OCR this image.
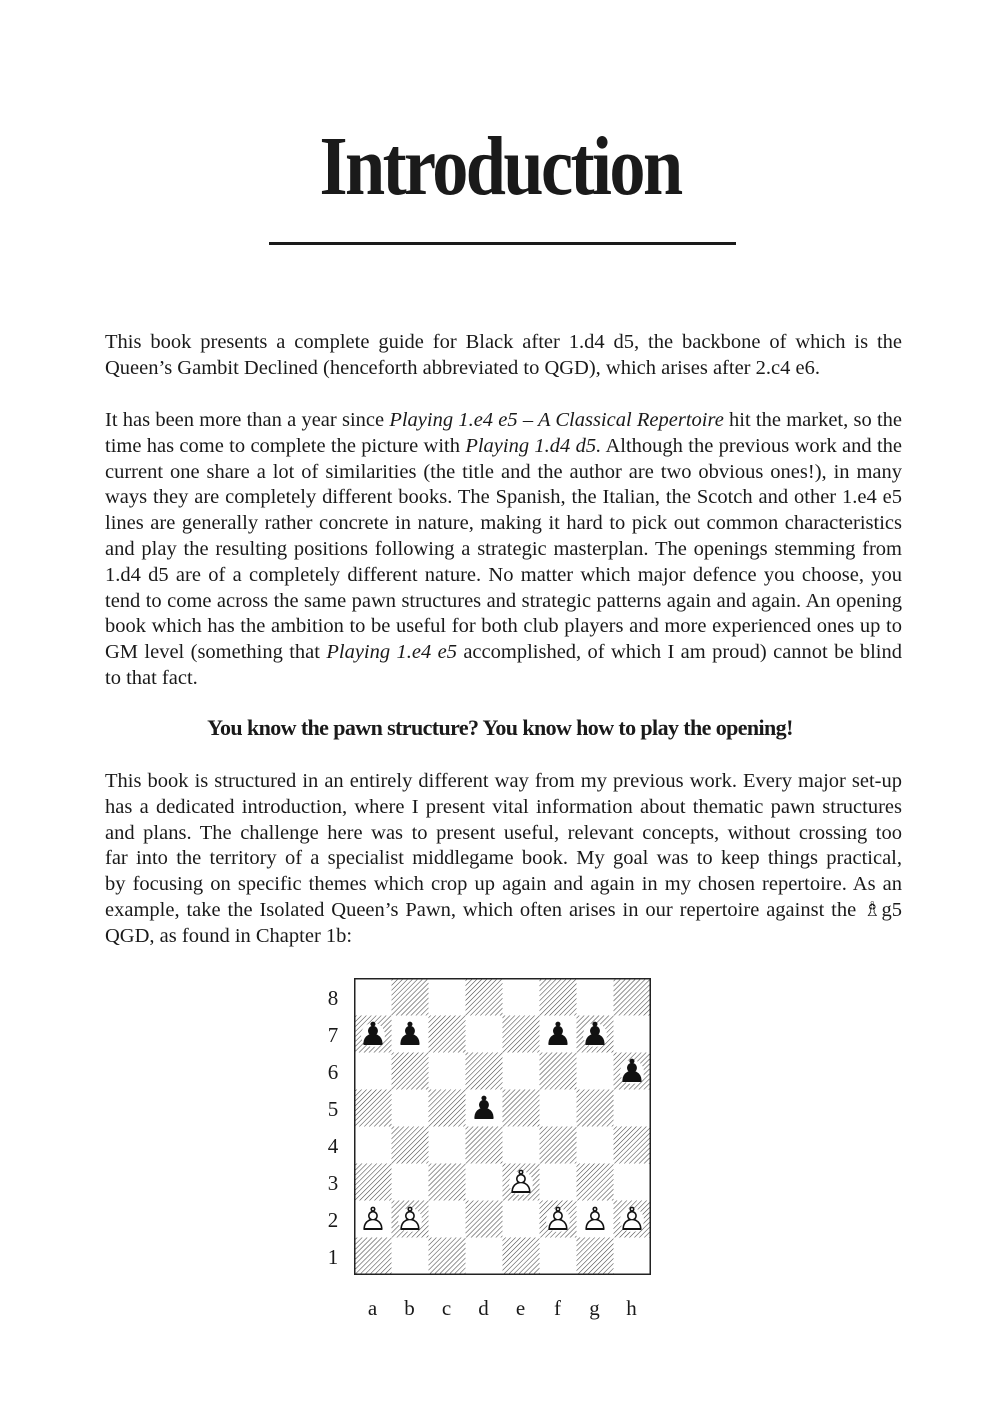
Introduction

This book presents a complete guide for Black after 1.d4 d5, the backbone of which is the
Queen’s Gambit Declined (henceforth abbreviated to QGD), which arises after 2.c4 e6.

It has been more than a year since Playing 1.e4 e5 – A Classical Repertoire hit the market, so the
time has come to complete the picture with Playing 1.d4 d5. Although the previous work and the
current one share a lot of similarities (the title and the author are two obvious ones!), in many
ways they are completely different books. The Spanish, the Italian, the Scotch and other 1.e4 e5
lines are generally rather concrete in nature, making it hard to pick out common characteristics
and play the resulting positions following a strategic masterplan. The openings stemming from
1.d4 d5 are of a completely different nature. No matter which major defence you choose, you
tend to come across the same pawn structures and strategic patterns again and again. An opening
book which has the ambition to be useful for both club players and more experienced ones up to
GM level (something that Playing 1.e4 e5 accomplished, of which I am proud) cannot be blind
to that fact.

You know the pawn structure? You know how to play the opening!

This book is structured in an entirely different way from my previous work. Every major set-up
has a dedicated introduction, where I present vital information about thematic pawn structures
and plans. The challenge here was to present useful, relevant concepts, without crossing too
far into the territory of a specialist middlegame book. My goal was to keep things practical,
by focusing on specific themes which crop up again and again in my chosen repertoire. As an
example, take the Isolated Queen’s Pawn, which often arises in our repertoire against the ♗g5
QGD, as found in Chapter 1b:

8
7
6
5
4
3
2
1
♟ ♟	♟ ♟
♟
♟
♙
♙ ♙	♙ ♙ ♙
a	b	c	d	e	f	g	h
